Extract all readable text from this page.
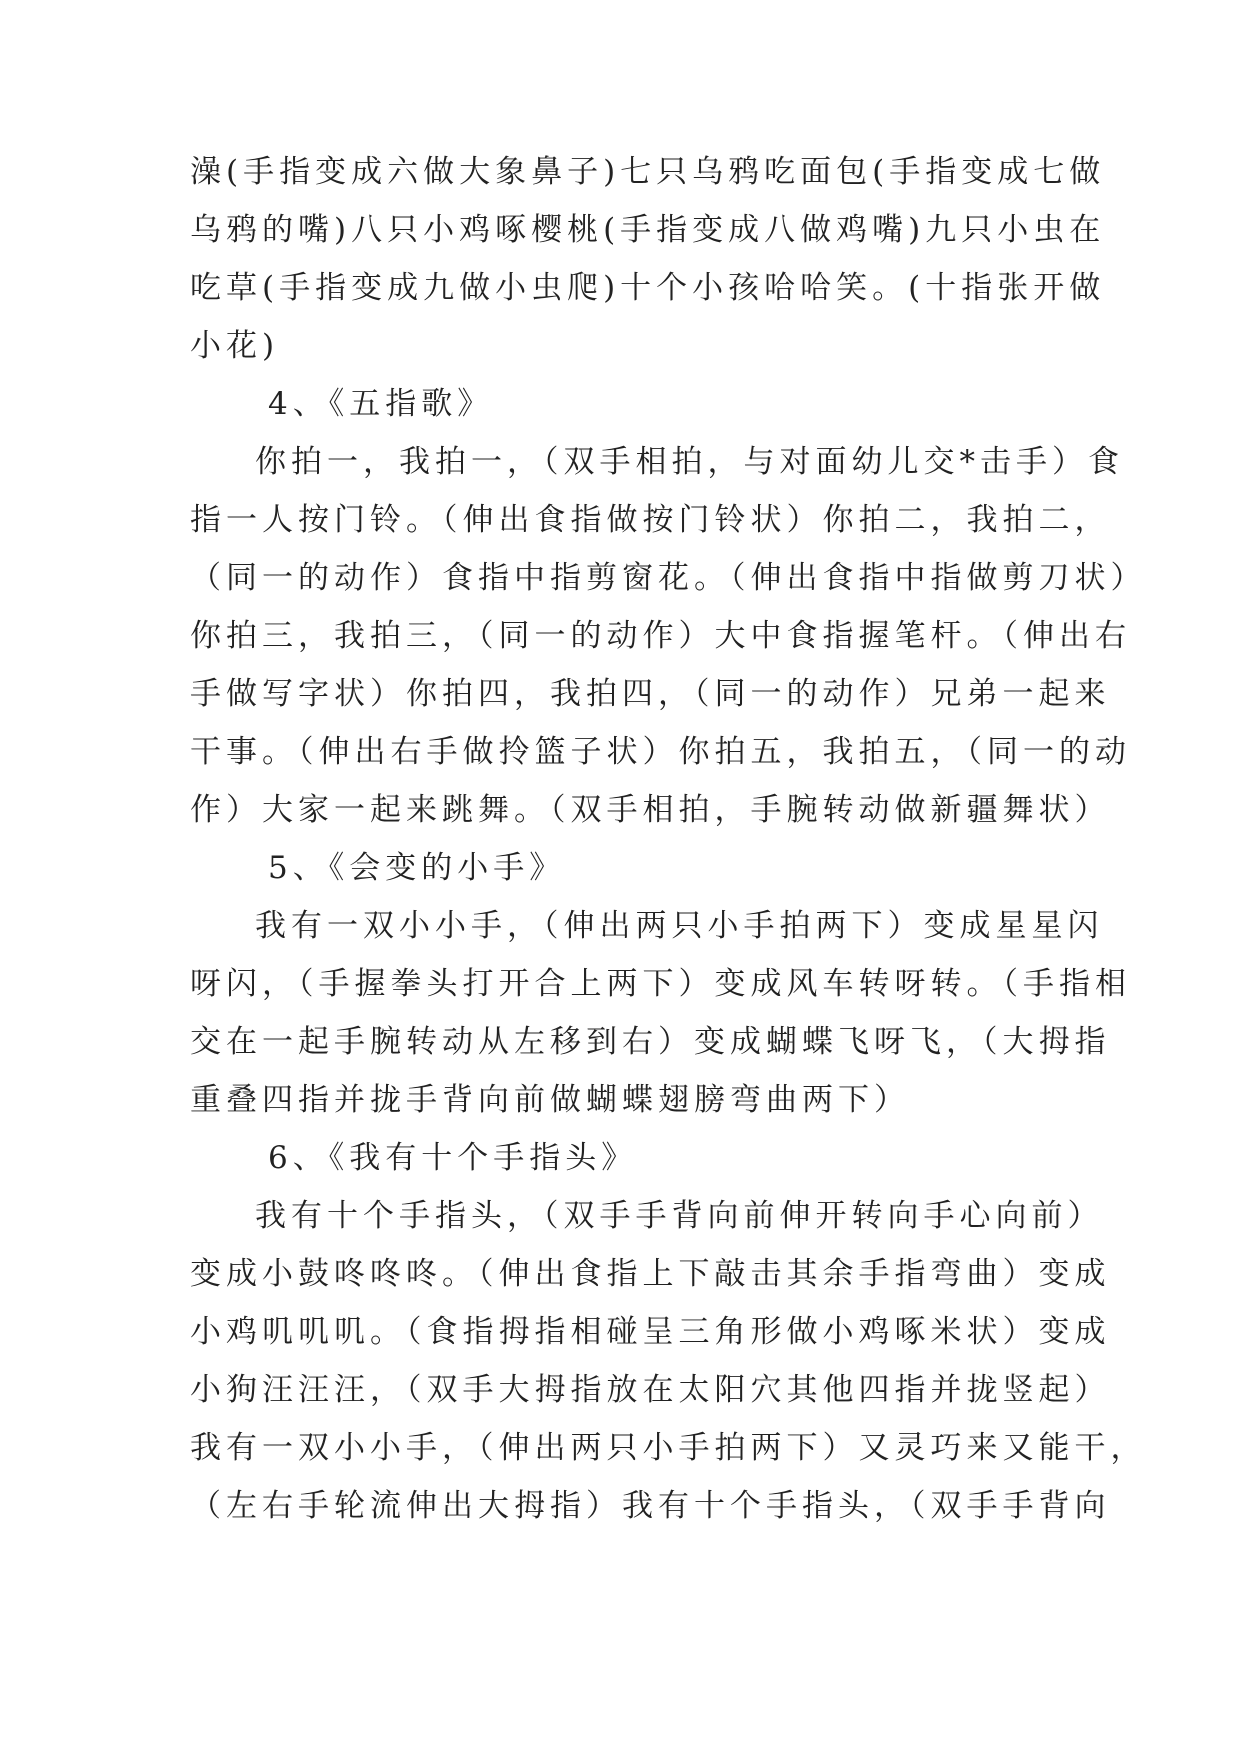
澡(手指变成六做大象鼻子)七只乌鸦吃面包(手指变成七做
乌鸦的嘴)八只小鸡啄樱桃(手指变成八做鸡嘴)九只小虫在
吃草(手指变成九做小虫爬)十个小孩哈哈笑。(十指张开做
小花)
4、《五指歌》
你拍一，我拍一，（双手相拍，与对面幼儿交*击手）食
指一人按门铃。（伸出食指做按门铃状）你拍二，我拍二，
（同一的动作）食指中指剪窗花。（伸出食指中指做剪刀状）
你拍三，我拍三，（同一的动作）大中食指握笔杆。（伸出右
手做写字状）你拍四，我拍四，（同一的动作）兄弟一起来
干事。（伸出右手做拎篮子状）你拍五，我拍五，（同一的动
作）大家一起来跳舞。（双手相拍，手腕转动做新疆舞状）
5、《会变的小手》
我有一双小小手，（伸出两只小手拍两下）变成星星闪
呀闪，（手握拳头打开合上两下）变成风车转呀转。（手指相
交在一起手腕转动从左移到右）变成蝴蝶飞呀飞，（大拇指
重叠四指并拢手背向前做蝴蝶翅膀弯曲两下）
6、《我有十个手指头》
我有十个手指头，（双手手背向前伸开转向手心向前）
变成小鼓咚咚咚。（伸出食指上下敲击其余手指弯曲）变成
小鸡叽叽叽。（食指拇指相碰呈三角形做小鸡啄米状）变成
小狗汪汪汪，（双手大拇指放在太阳穴其他四指并拢竖起）
我有一双小小手，（伸出两只小手拍两下）又灵巧来又能干，
（左右手轮流伸出大拇指）我有十个手指头，（双手手背向
